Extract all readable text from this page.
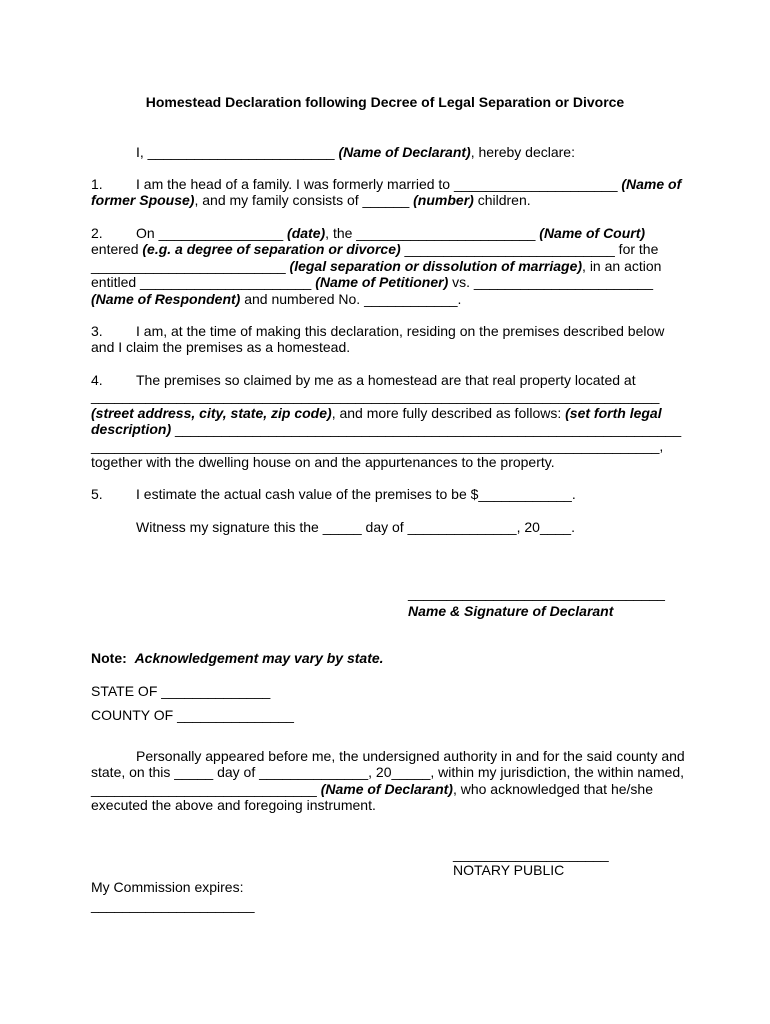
Homestead Declaration following Decree of Legal Separation or Divorce
I, ________________________ (Name of Declarant), hereby declare:
1. I am the head of a family. I was formerly married to _____________________ (Name of
former Spouse), and my family consists of ______ (number) children.
2. On ________________ (date), the _______________________ (Name of Court)
entered (e.g. a degree of separation or divorce) ___________________________ for the
_________________________ (legal separation or dissolution of marriage), in an action
entitled ______________________ (Name of Petitioner) vs. _______________________
(Name of Respondent) and numbered No. ____________.
3. I am, at the time of making this declaration, residing on the premises described below
and I claim the premises as a homestead.
4. The premises so claimed by me as a homestead are that real property located at
_________________________________________________________________________
(street address, city, state, zip code), and more fully described as follows: (set forth legal
description) _________________________________________________________________
_________________________________________________________________________,
together with the dwelling house on and the appurtenances to the property.
5. I estimate the actual cash value of the premises to be $____________.
Witness my signature this the _____ day of ______________, 20____.
_________________________________
Name & Signature of Declarant
Note: Acknowledgement may vary by state.
STATE OF ______________
COUNTY OF _______________
Personally appeared before me, the undersigned authority in and for the said county and
state, on this _____ day of ______________, 20_____, within my jurisdiction, the within named,
_____________________________ (Name of Declarant), who acknowledged that he/she
executed the above and foregoing instrument.
____________________
NOTARY PUBLIC
My Commission expires:
_____________________
